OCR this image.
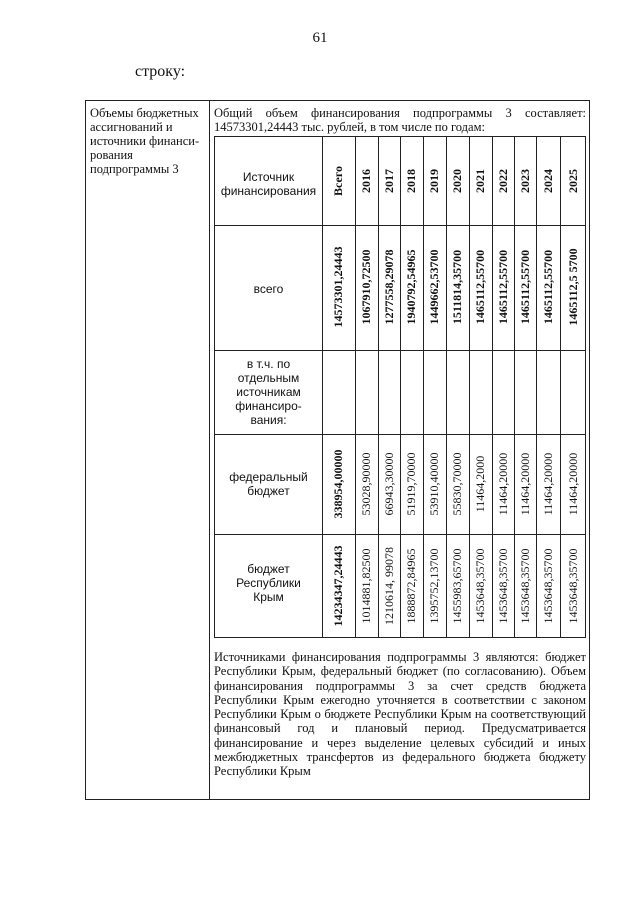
61
строку:
Объемы бюджетных ассигнований и источники финанси-рования подпрограммы 3
Общий объем финансирования подпрограммы 3 составляет:
14573301,24443 тыс. рублей, в том числе по годам:
Источник финансирования
всего
в т.ч. по отдельным источникам финансиро-вания:
федеральный бюджет
бюджет Республики Крым
Всего 2016 2017 2018 2019 2020 2021 2022 2023 2024 2025
14573301,24443 1067910,72500 1277558,29078 1940792,54965 1449662,53700 1511814,35700 1465112,55700 1465112,55700 1465112,55700 1465112,55700 1465112,5 5700
338954,00000 53028,90000 66943,30000 51919,70000 53910,40000 55830,70000 11464,2000 11464,20000 11464,20000 11464,20000 11464,20000
14234347,24443 1014881,82500 1210614, 99078 1888872,84965 1395752,13700 1455983,65700 1453648,35700 1453648,35700 1453648,35700 1453648,35700 1453648,35700
Источниками финансирования подпрограммы 3 являются: бюджет Республики Крым, федеральный бюджет (по согласованию). Объем финансирования подпрограммы 3 за счет средств бюджета Республики Крым ежегодно уточняется в соответствии с законом Республики Крым о бюджете Республики Крым на соответствующий финансовый год и плановый период. Предусматривается финансирование и через выделение целевых субсидий и иных межбюджетных трансфертов из федерального бюджета бюджету Республики Крым
